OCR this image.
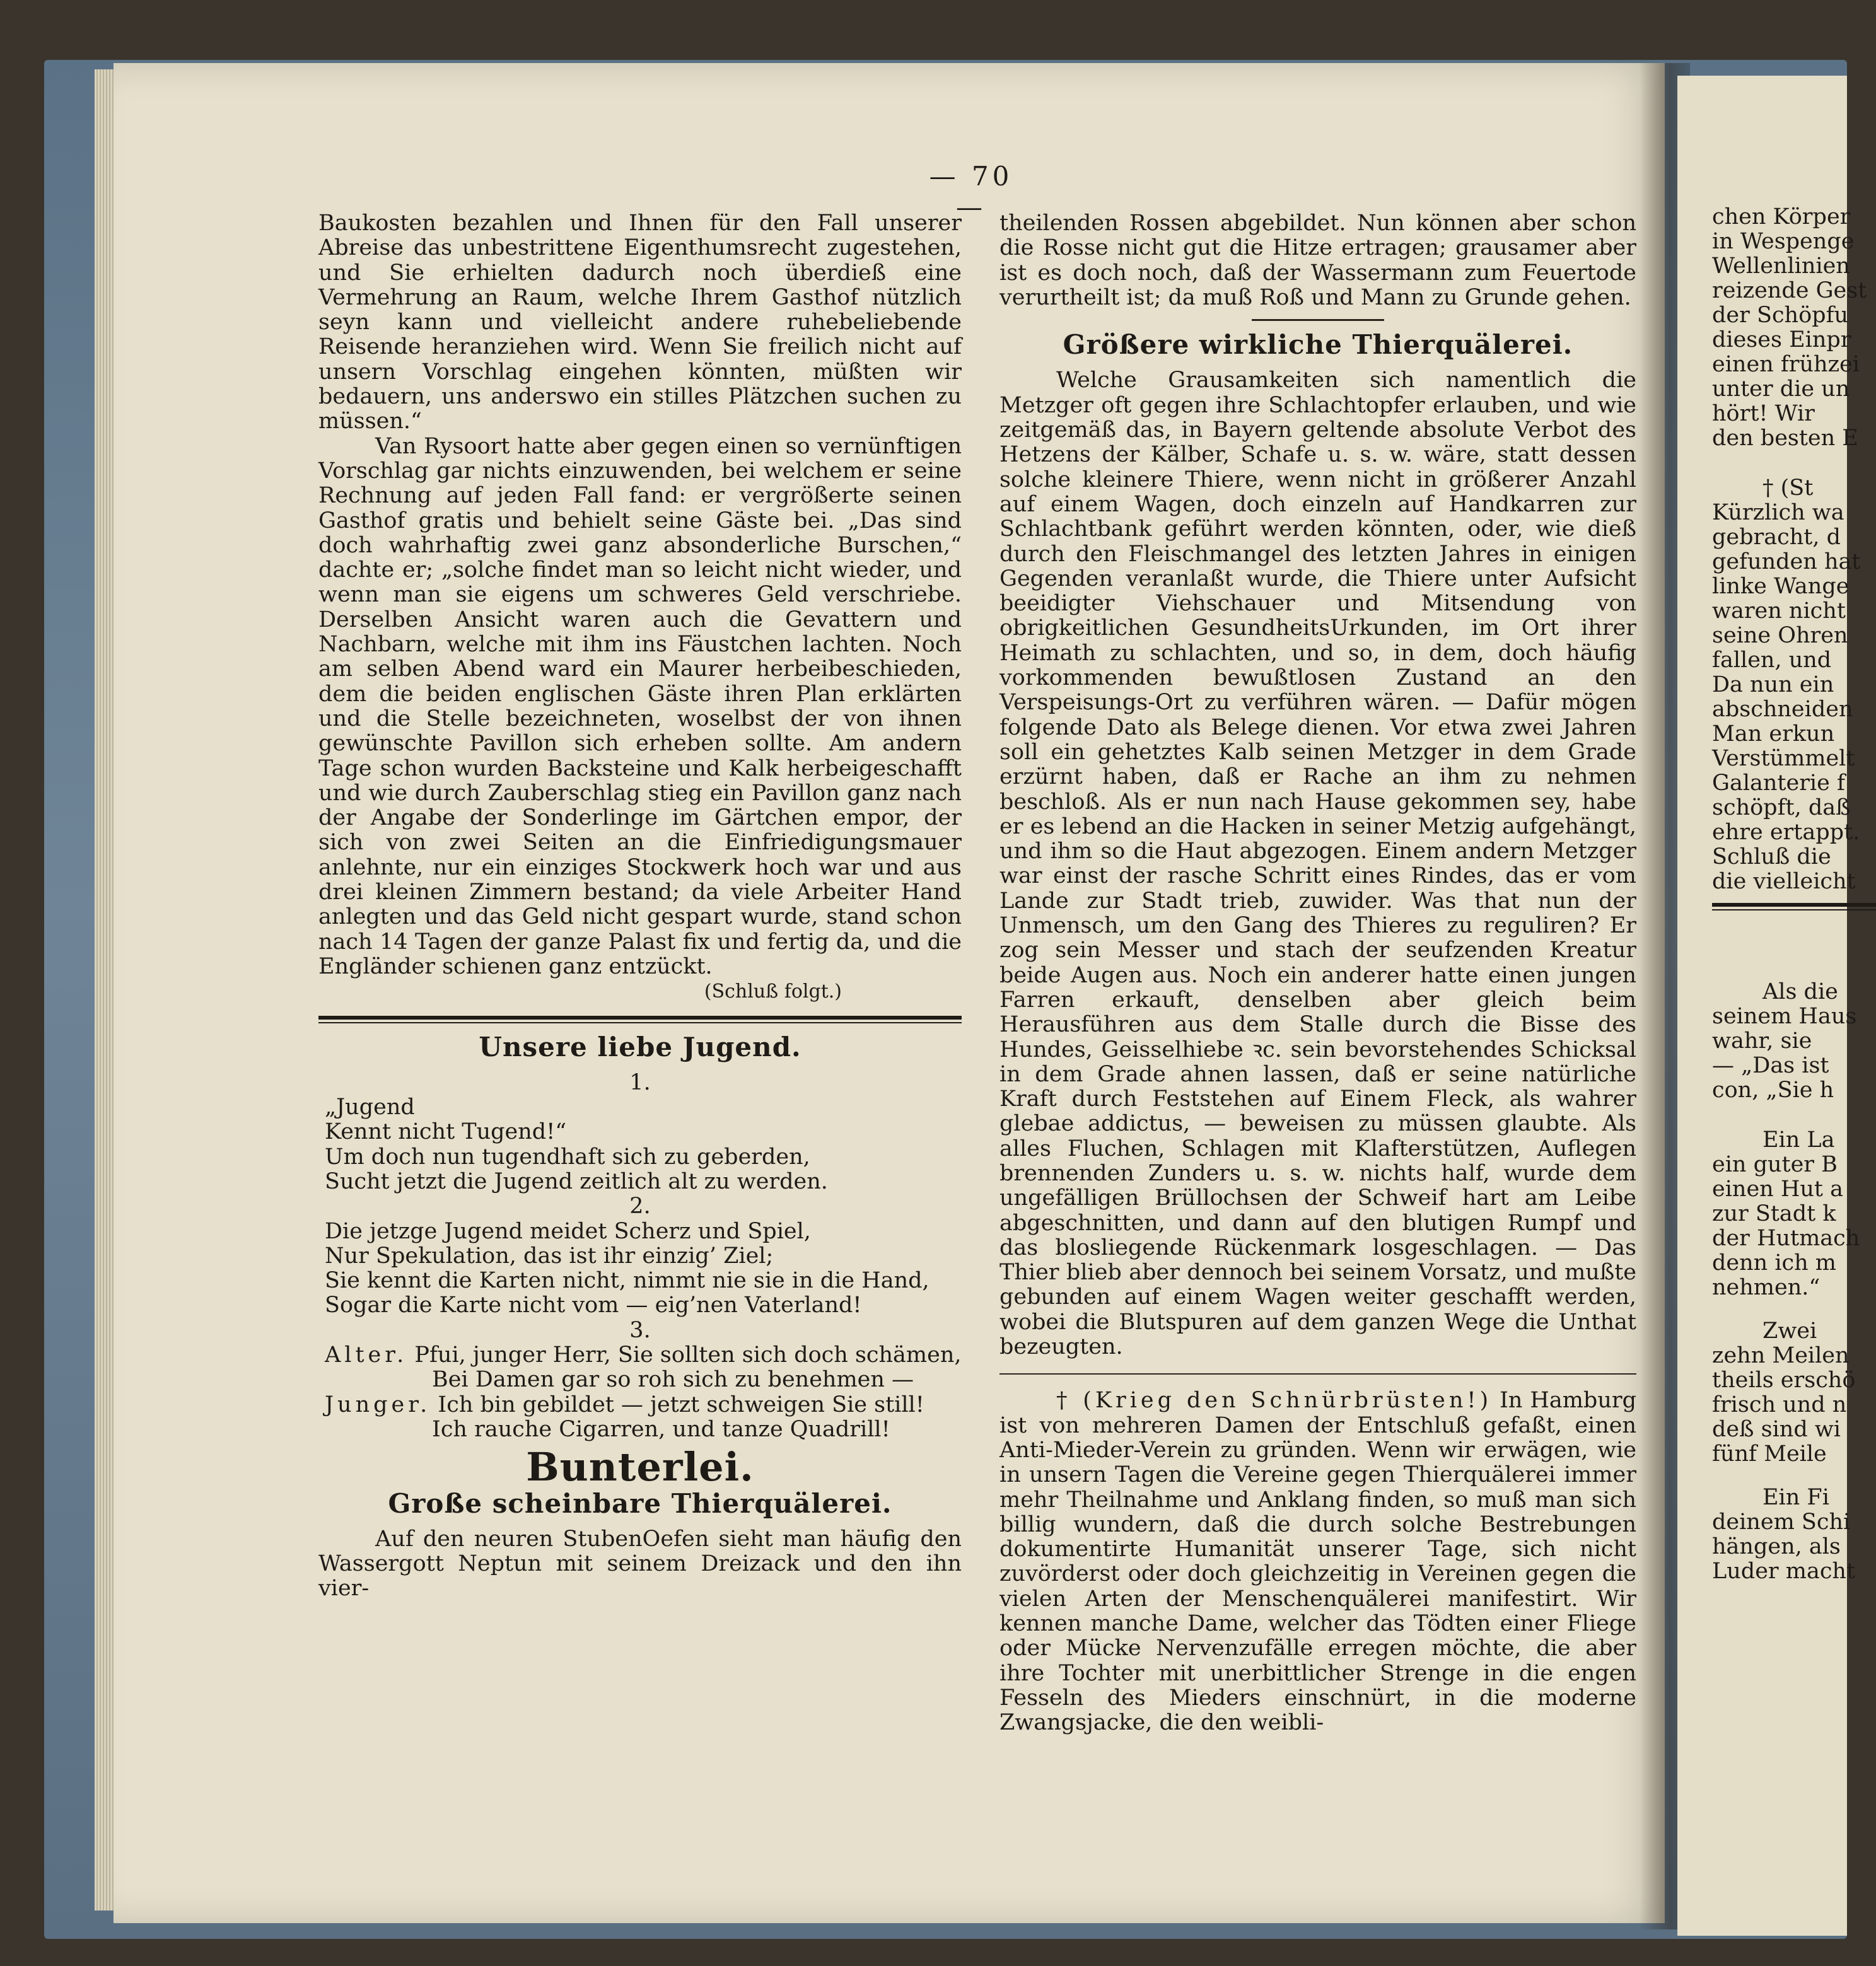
— 70 —

Baukosten bezahlen und Ihnen für den Fall unserer Abreise das unbestrittene Eigenthumsrecht zugestehen, und Sie erhielten dadurch noch überdieß eine Vermehrung an Raum, welche Ihrem Gasthof nützlich seyn kann und vielleicht andere ruhebeliebende Reisende heranziehen wird. Wenn Sie freilich nicht auf unsern Vorschlag eingehen könnten, müßten wir bedauern, uns anderswo ein stilles Plätzchen suchen zu müssen.“

Van Rysoort hatte aber gegen einen so vernünftigen Vorschlag gar nichts einzuwenden, bei welchem er seine Rechnung auf jeden Fall fand: er vergrößerte seinen Gasthof gratis und behielt seine Gäste bei. „Das sind doch wahrhaftig zwei ganz absonderliche Burschen,“ dachte er; „solche findet man so leicht nicht wieder, und wenn man sie eigens um schweres Geld verschriebe. Derselben Ansicht waren auch die Gevattern und Nachbarn, welche mit ihm ins Fäustchen lachten. Noch am selben Abend ward ein Maurer herbeibeschieden, dem die beiden englischen Gäste ihren Plan erklärten und die Stelle bezeichneten, woselbst der von ihnen gewünschte Pavillon sich erheben sollte. Am andern Tage schon wurden Backsteine und Kalk herbeigeschafft und wie durch Zauberschlag stieg ein Pavillon ganz nach der Angabe der Sonderlinge im Gärtchen empor, der sich von zwei Seiten an die Einfriedigungsmauer anlehnte, nur ein einziges Stockwerk hoch war und aus drei kleinen Zimmern bestand; da viele Arbeiter Hand anlegten und das Geld nicht gespart wurde, stand schon nach 14 Tagen der ganze Palast fix und fertig da, und die Engländer schienen ganz entzückt.

(Schluß folgt.)
Unsere liebe Jugend.
1.
„Jugend
Kennt nicht Tugend!“
Um doch nun tugendhaft sich zu geberden,
Sucht jetzt die Jugend zeitlich alt zu werden.
2.
Die jetzge Jugend meidet Scherz und Spiel,
Nur Spekulation, das ist ihr einzig’ Ziel;
Sie kennt die Karten nicht, nimmt nie sie in die Hand,
Sogar die Karte nicht vom — eig’nen Vaterland!
3.
Alter. Pfui, junger Herr, Sie sollten sich doch schämen,
Bei Damen gar so roh sich zu benehmen —
Junger. Ich bin gebildet — jetzt schweigen Sie still!
Ich rauche Cigarren, und tanze Quadrill!
Bunterlei.
Große scheinbare Thierquälerei.

Auf den neuren StubenOefen sieht man häufig den Wassergott Neptun mit seinem Dreizack und den ihn vier-

theilenden Rossen abgebildet. Nun können aber schon die Rosse nicht gut die Hitze ertragen; grausamer aber ist es doch noch, daß der Wassermann zum Feuertode verurtheilt ist; da muß Roß und Mann zu Grunde gehen.

Größere wirkliche Thierquälerei.

Welche Grausamkeiten sich namentlich die Metzger oft gegen ihre Schlachtopfer erlauben, und wie zeitgemäß das, in Bayern geltende absolute Verbot des Hetzens der Kälber, Schafe u. s. w. wäre, statt dessen solche kleinere Thiere, wenn nicht in größerer Anzahl auf einem Wagen, doch einzeln auf Handkarren zur Schlachtbank geführt werden könnten, oder, wie dieß durch den Fleischmangel des letzten Jahres in einigen Gegenden veranlaßt wurde, die Thiere unter Aufsicht beeidigter Viehschauer und Mitsendung von obrigkeitlichen GesundheitsUrkunden, im Ort ihrer Heimath zu schlachten, und so, in dem, doch häufig vorkommenden bewußtlosen Zustand an den Verspeisungs-Ort zu verführen wären. — Dafür mögen folgende Dato als Belege dienen. Vor etwa zwei Jahren soll ein gehetztes Kalb seinen Metzger in dem Grade erzürnt haben, daß er Rache an ihm zu nehmen beschloß. Als er nun nach Hause gekommen sey, habe er es lebend an die Hacken in seiner Metzig aufgehängt, und ihm so die Haut abgezogen. Einem andern Metzger war einst der rasche Schritt eines Rindes, das er vom Lande zur Stadt trieb, zuwider. Was that nun der Unmensch, um den Gang des Thieres zu reguliren? Er zog sein Messer und stach der seufzenden Kreatur beide Augen aus. Noch ein anderer hatte einen jungen Farren erkauft, denselben aber gleich beim Herausführen aus dem Stalle durch die Bisse des Hundes, Geisselhiebe ꝛc. sein bevorstehendes Schicksal in dem Grade ahnen lassen, daß er seine natürliche Kraft durch Feststehen auf Einem Fleck, als wahrer glebae addictus, — beweisen zu müssen glaubte. Als alles Fluchen, Schlagen mit Klafterstützen, Auflegen brennenden Zunders u. s. w. nichts half, wurde dem ungefälligen Brüllochsen der Schweif hart am Leibe abgeschnitten, und dann auf den blutigen Rumpf und das blosliegende Rückenmark losgeschlagen. — Das Thier blieb aber dennoch bei seinem Vorsatz, und mußte gebunden auf einem Wagen weiter geschafft werden, wobei die Blutspuren auf dem ganzen Wege die Unthat bezeugten.

† (Krieg den Schnürbrüsten!) In Hamburg ist von mehreren Damen der Entschluß gefaßt, einen Anti-Mieder-Verein zu gründen. Wenn wir erwägen, wie in unsern Tagen die Vereine gegen Thierquälerei immer mehr Theilnahme und Anklang finden, so muß man sich billig wundern, daß die durch solche Bestrebungen dokumentirte Humanität unserer Tage, sich nicht zuvörderst oder doch gleichzeitig in Vereinen gegen die vielen Arten der Menschenquälerei manifestirt. Wir kennen manche Dame, welcher das Tödten einer Fliege oder Mücke Nervenzufälle erregen möchte, die aber ihre Tochter mit unerbittlicher Strenge in die engen Fesseln des Mieders einschnürt, in die moderne Zwangsjacke, die den weibli-

chen Körper
in Wespenge
Wellenlinien
reizende Gest
der Schöpfu
dieses Einpr
einen frühzei
unter die un
hört! Wir
den besten E
† (St
Kürzlich wa
gebracht, d
gefunden hat
linke Wange
waren nicht
seine Ohren
fallen, und
Da nun ein
abschneiden
Man erkun
Verstümmelt
Galanterie f
schöpft, daß
ehre ertappt.
Schluß die
die vielleicht
Als die
seinem Haus
wahr, sie
— „Das ist
con, „Sie h
Ein La
ein guter B
einen Hut a
zur Stadt k
der Hutmach
denn ich m
nehmen.“
Zwei
zehn Meilen
theils erschö
frisch und n
deß sind wi
fünf Meile
Ein Fi
deinem Schi
hängen, als
Luder macht
